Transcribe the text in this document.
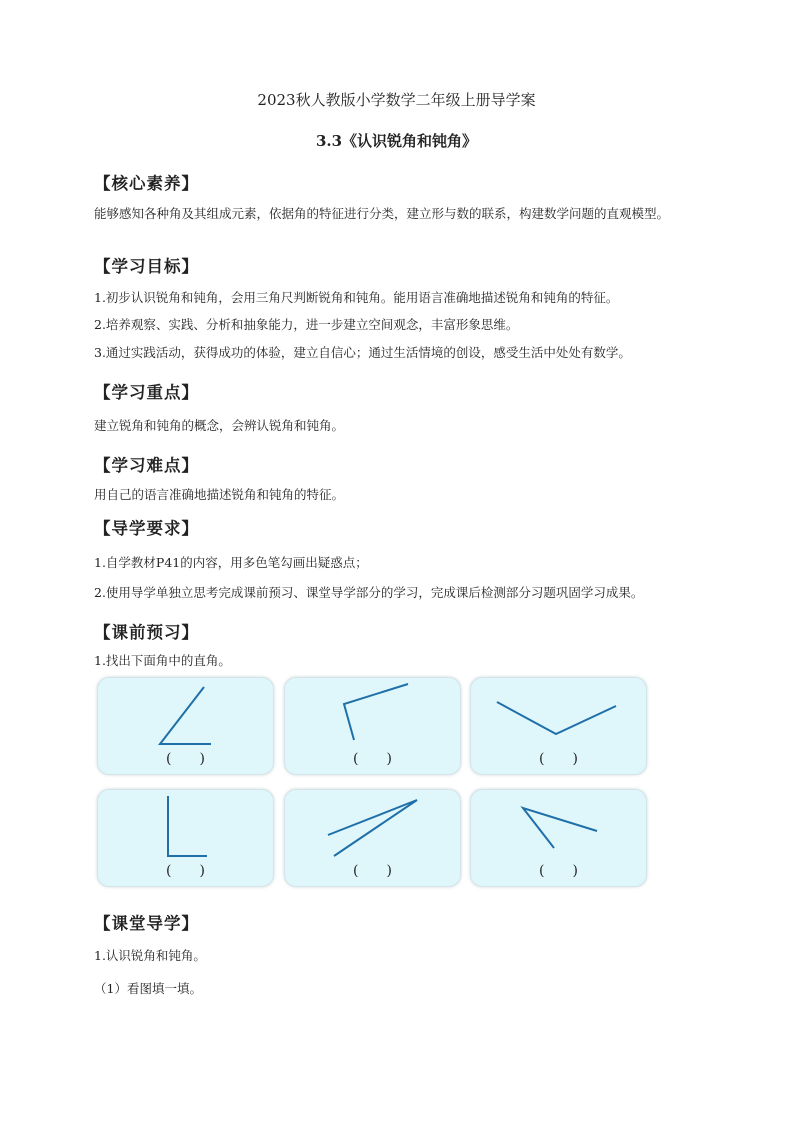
2023秋人教版小学数学二年级上册导学案
3.3《认识锐角和钝角》
【核心素养】
能够感知各种角及其组成元素，依据角的特征进行分类，建立形与数的联系，构建数学问题的直观模型。
【学习目标】
1.初步认识锐角和钝角，会用三角尺判断锐角和钝角。能用语言准确地描述锐角和钝角的特征。
2.培养观察、实践、分析和抽象能力，进一步建立空间观念，丰富形象思维。
3.通过实践活动，获得成功的体验，建立自信心；通过生活情境的创设，感受生活中处处有数学。
【学习重点】
建立锐角和钝角的概念，会辨认锐角和钝角。
【学习难点】
用自己的语言准确地描述锐角和钝角的特征。
【导学要求】
1.自学教材P41的内容，用多色笔勾画出疑惑点；
2.使用导学单独立思考完成课前预习、课堂导学部分的学习，完成课后检测部分习题巩固学习成果。
【课前预习】
1.找出下面角中的直角。
(　　)	(　　)	(　　)
(　　)	(　　)	(　　)
【课堂导学】
1.认识锐角和钝角。
（1）看图填一填。
